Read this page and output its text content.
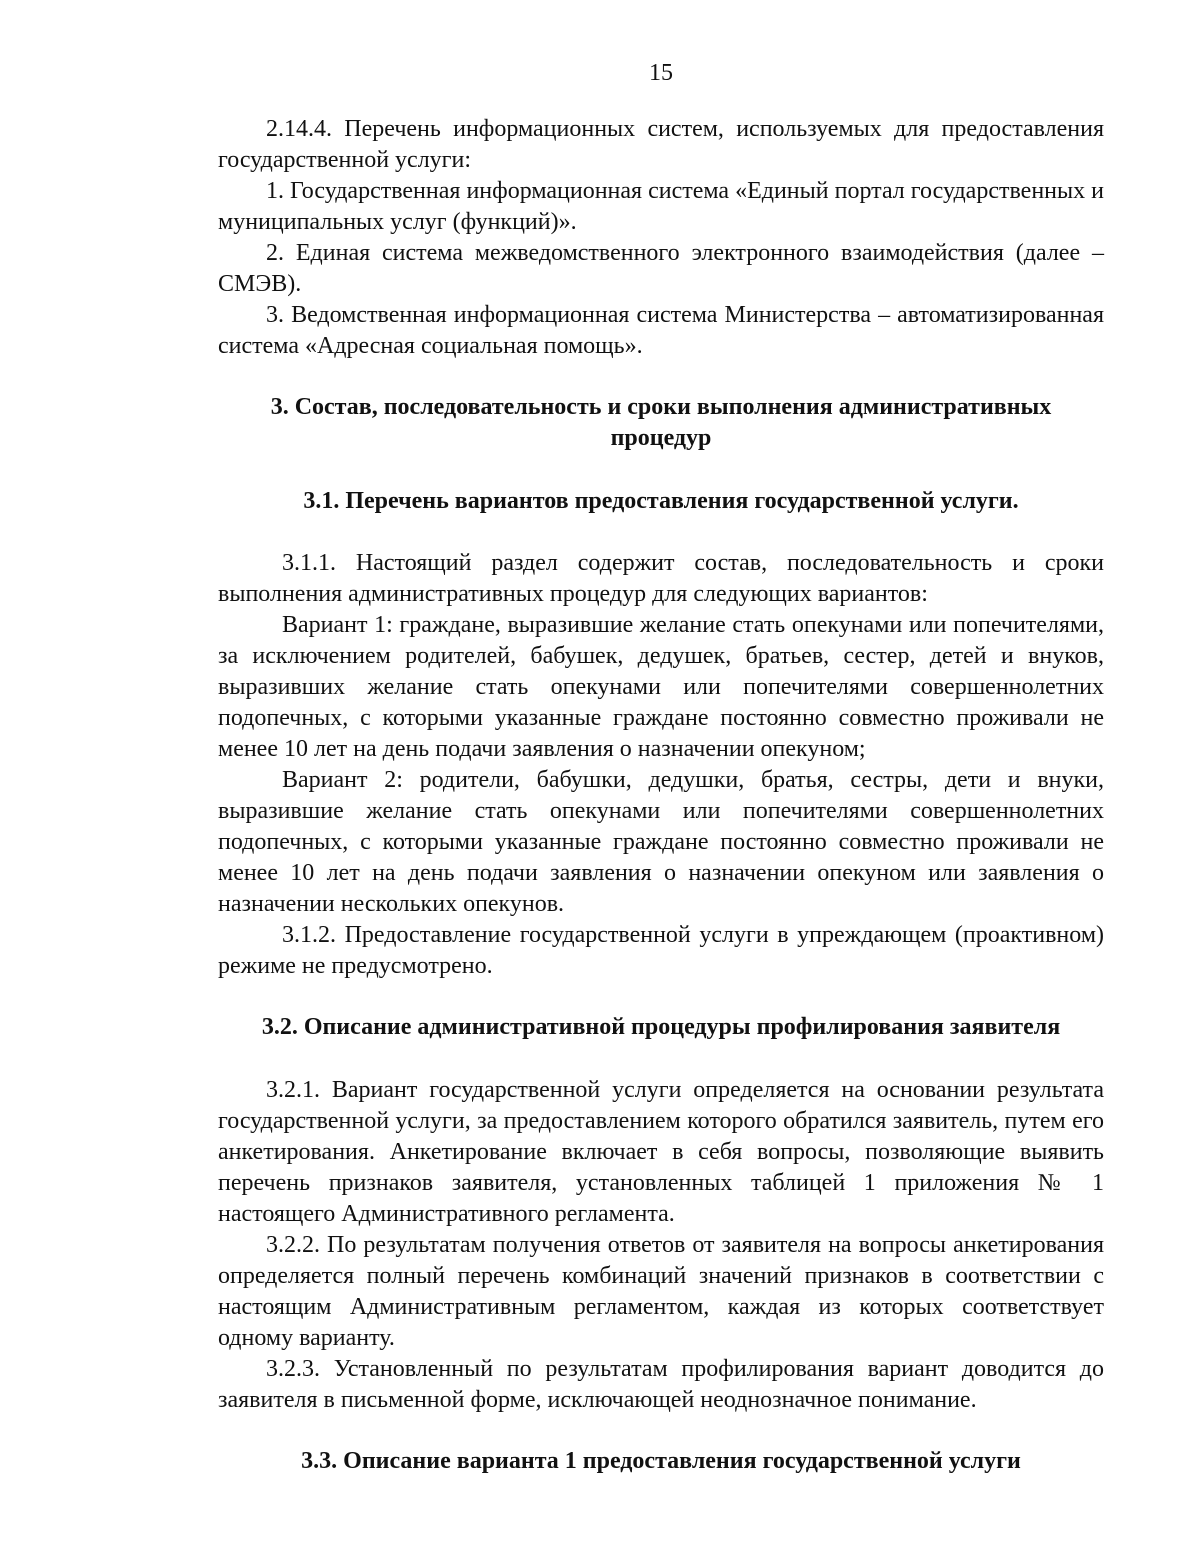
15

2.14.4. Перечень информационных систем, используемых для предоставления государственной услуги:

1. Государственная информационная система «Единый портал государственных и муниципальных услуг (функций)».

2. Единая система межведомственного электронного взаимодействия (далее – СМЭВ).

3. Ведомственная информационная система Министерства – автоматизированная система «Адресная социальная помощь».

3. Состав, последовательность и сроки выполнения административных процедур
3.1. Перечень вариантов предоставления государственной услуги.

3.1.1. Настоящий раздел содержит состав, последовательность и сроки выполнения административных процедур для следующих вариантов:

Вариант 1: граждане, выразившие желание стать опекунами или попечителями, за исключением родителей, бабушек, дедушек, братьев, сестер, детей и внуков, выразивших желание стать опекунами или попечителями совершеннолетних подопечных, с которыми указанные граждане постоянно совместно проживали не менее 10 лет на день подачи заявления о назначении опекуном;

Вариант 2: родители, бабушки, дедушки, братья, сестры, дети и внуки, выразившие желание стать опекунами или попечителями совершеннолетних подопечных, с которыми указанные граждане постоянно совместно проживали не менее 10 лет на день подачи заявления о назначении опекуном или заявления о назначении нескольких опекунов.

3.1.2. Предоставление государственной услуги в упреждающем (проактивном) режиме не предусмотрено.

3.2. Описание административной процедуры профилирования заявителя

3.2.1. Вариант государственной услуги определяется на основании результата государственной услуги, за предоставлением которого обратился заявитель, путем его анкетирования. Анкетирование включает в себя вопросы, позволяющие выявить перечень признаков заявителя, установленных таблицей 1 приложения № 1 настоящего Административного регламента.

3.2.2. По результатам получения ответов от заявителя на вопросы анкетирования определяется полный перечень комбинаций значений признаков в соответствии с настоящим Административным регламентом, каждая из которых соответствует одному варианту.

3.2.3. Установленный по результатам профилирования вариант доводится до заявителя в письменной форме, исключающей неоднозначное понимание.

3.3. Описание варианта 1 предоставления государственной услуги
